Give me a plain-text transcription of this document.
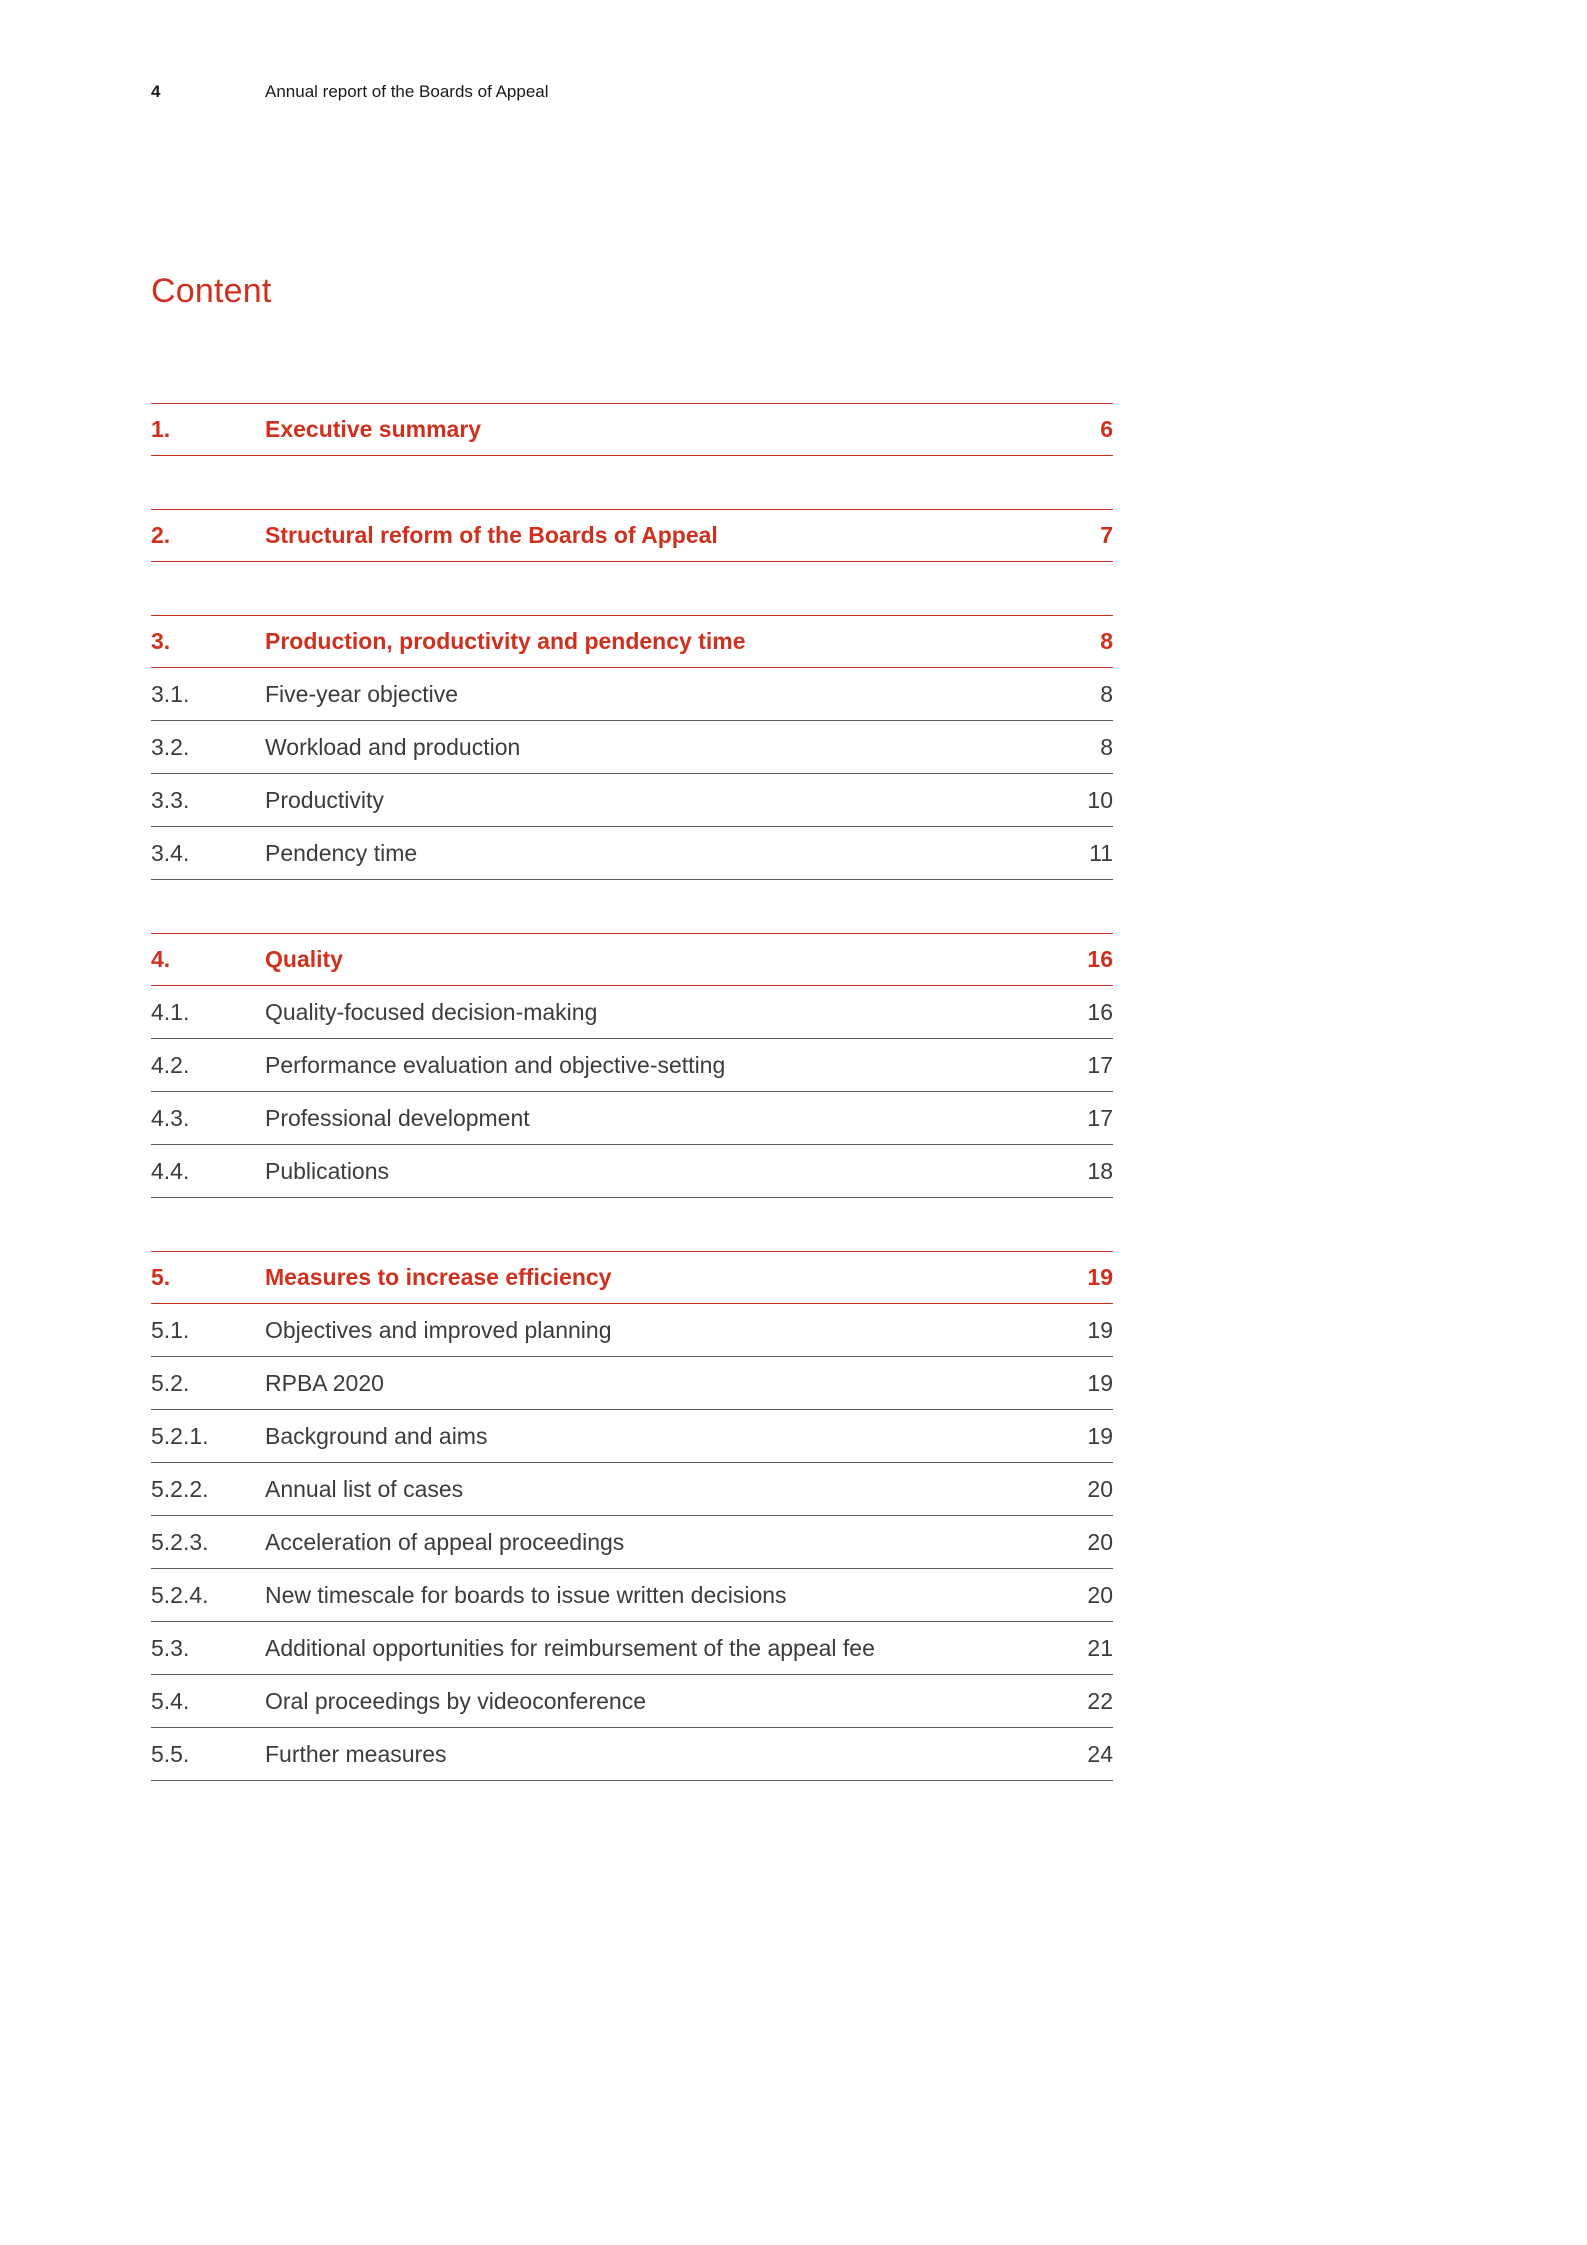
4	Annual report of the Boards of Appeal
Content
1.	Executive summary	6
2.	Structural reform of the Boards of Appeal	7
3.	Production, productivity and pendency time	8
3.1.	Five-year objective	8
3.2.	Workload and production	8
3.3.	Productivity	10
3.4.	Pendency time	11
4.	Quality	16
4.1.	Quality-focused decision-making	16
4.2.	Performance evaluation and objective-setting	17
4.3.	Professional development	17
4.4.	Publications	18
5.	Measures to increase efficiency	19
5.1.	Objectives and improved planning	19
5.2.	RPBA 2020	19
5.2.1.	Background and aims	19
5.2.2.	Annual list of cases	20
5.2.3.	Acceleration of appeal proceedings	20
5.2.4.	New timescale for boards to issue written decisions	20
5.3.	Additional opportunities for reimbursement of the appeal fee	21
5.4.	Oral proceedings by videoconference	22
5.5.	Further measures	24
